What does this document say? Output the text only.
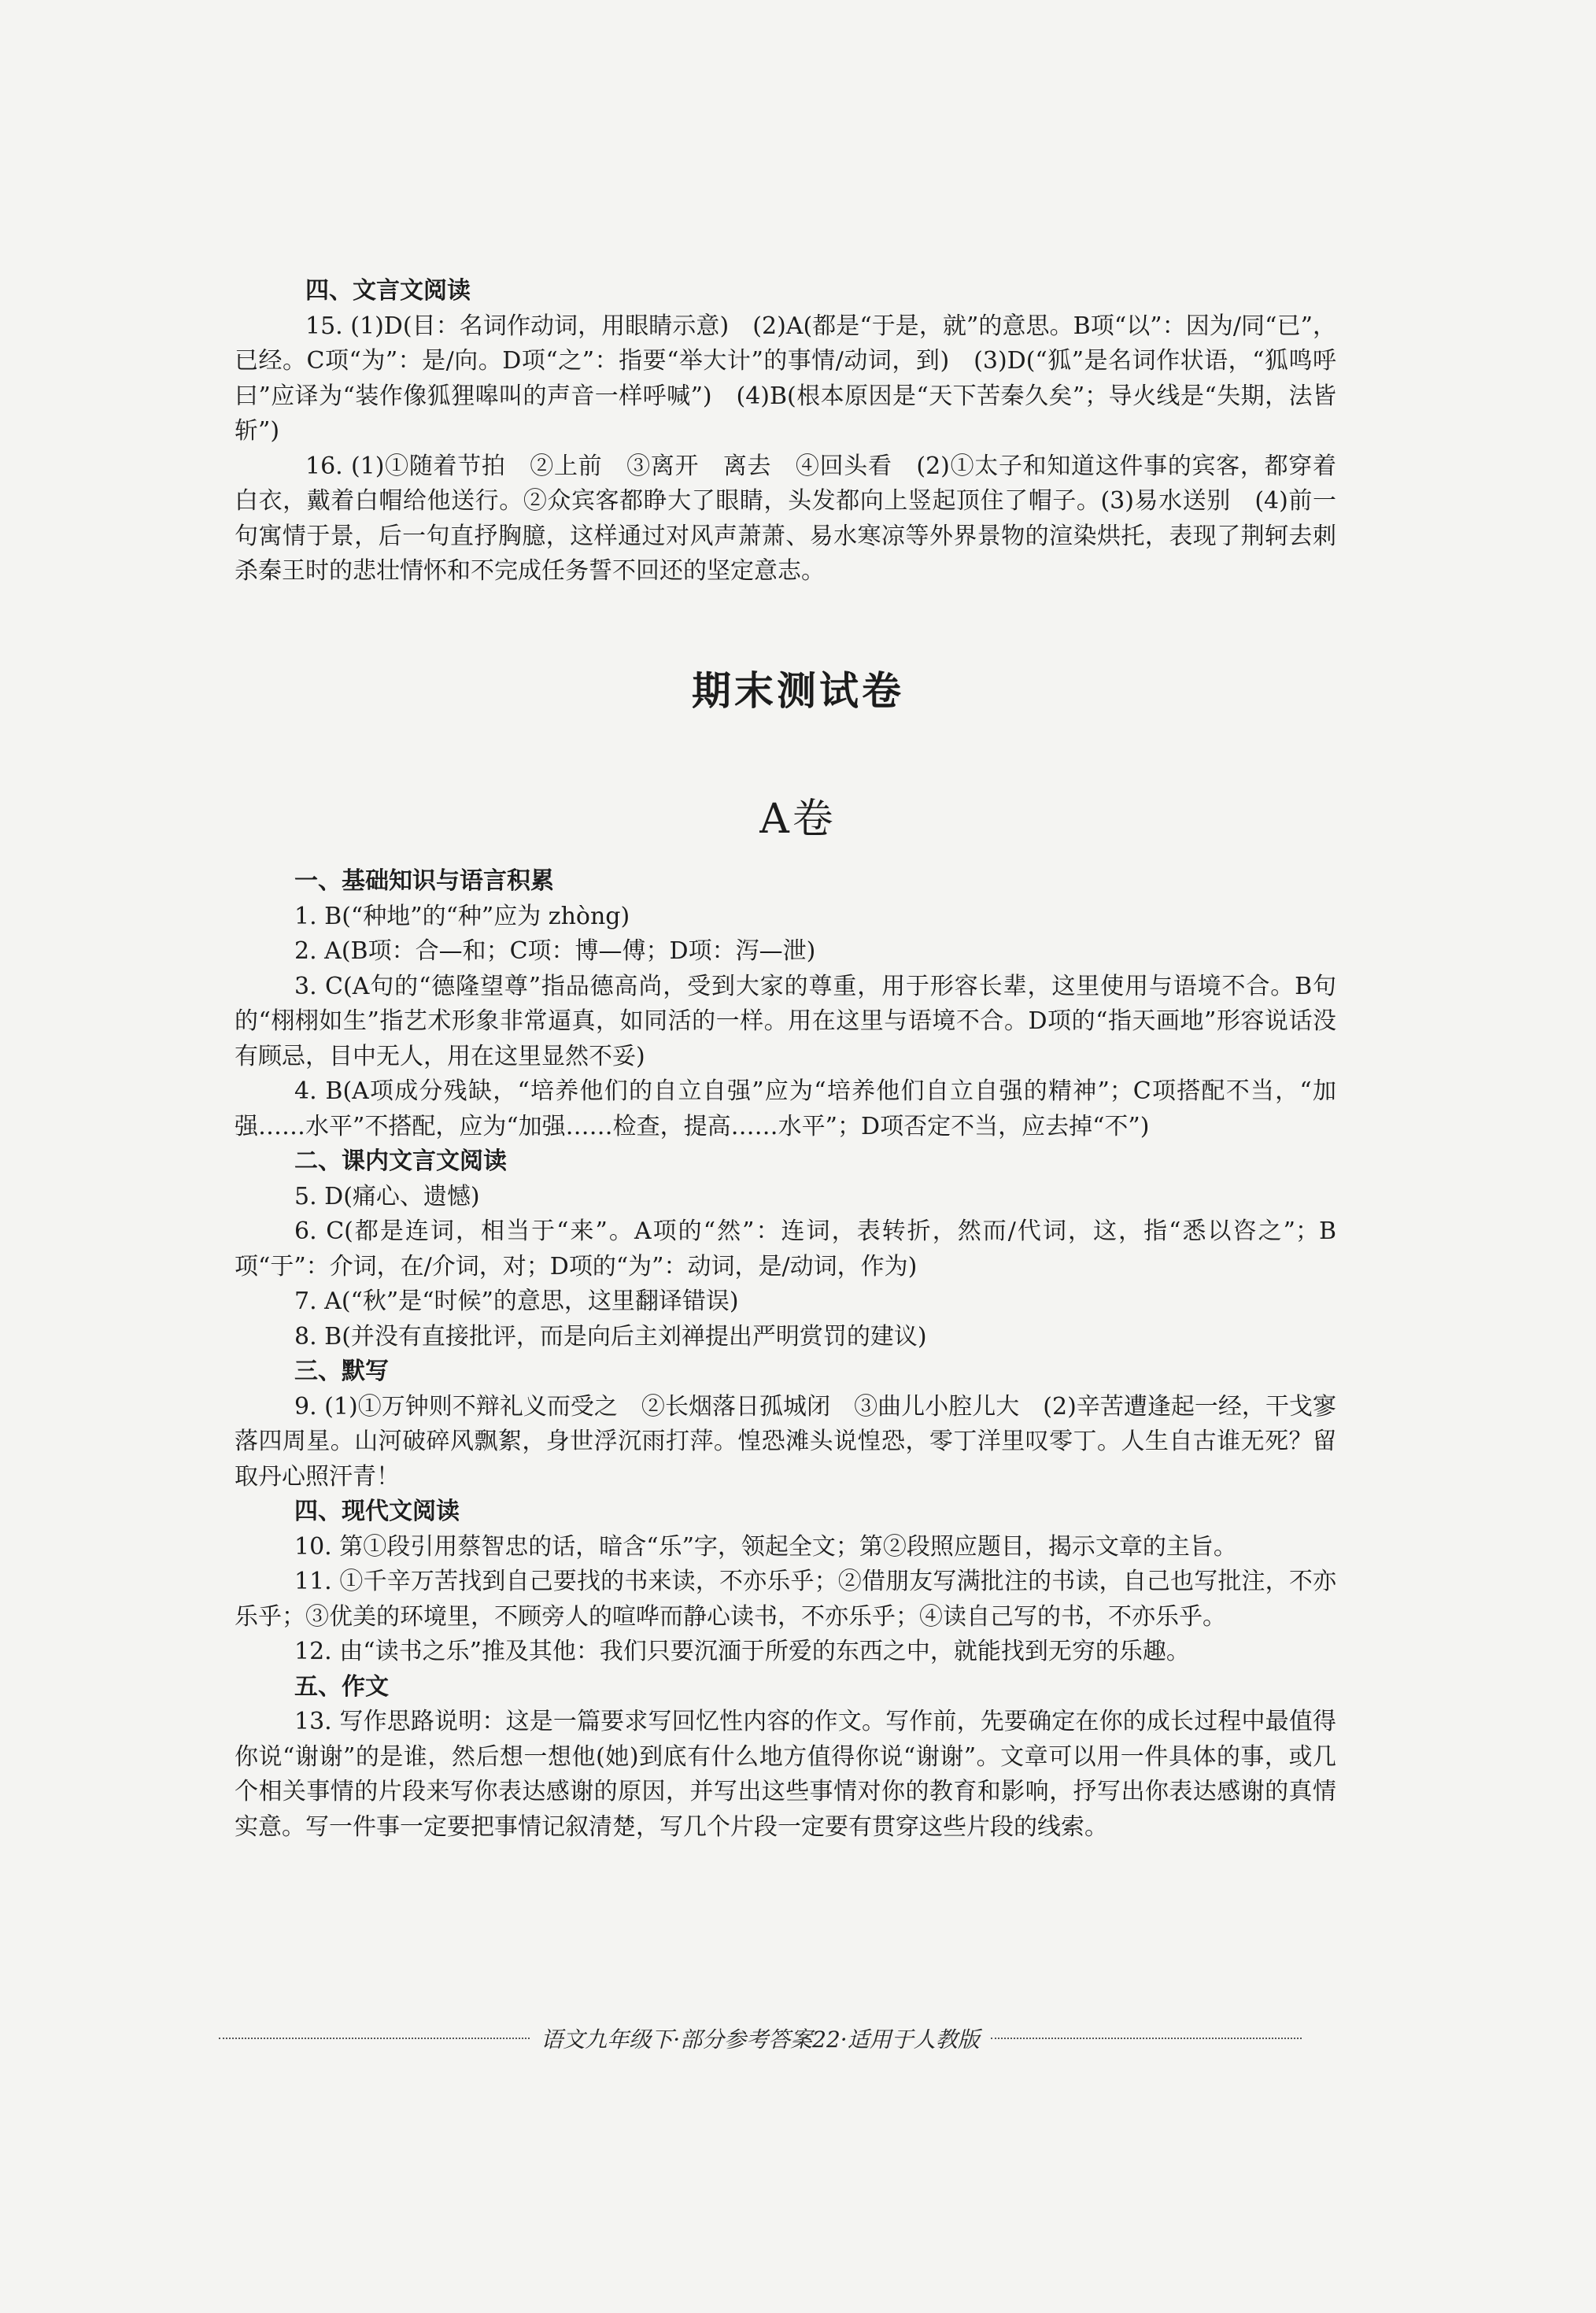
四、文言文阅读

15. (1)D(目：名词作动词，用眼睛示意)　(2)A(都是“于是，就”的意思。B项“以”：因为/同“已”，已经。C项“为”：是/向。D项“之”：指要“举大计”的事情/动词，到)　(3)D(“狐”是名词作状语，“狐鸣呼曰”应译为“装作像狐狸嗥叫的声音一样呼喊”)　(4)B(根本原因是“天下苦秦久矣”；导火线是“失期，法皆斩”)

16. (1)①随着节拍　②上前　③离开　离去　④回头看　(2)①太子和知道这件事的宾客，都穿着白衣，戴着白帽给他送行。②众宾客都睁大了眼睛，头发都向上竖起顶住了帽子。(3)易水送别　(4)前一句寓情于景，后一句直抒胸臆，这样通过对风声萧萧、易水寒凉等外界景物的渲染烘托，表现了荆轲去刺杀秦王时的悲壮情怀和不完成任务誓不回还的坚定意志。

期末测试卷
A卷

一、基础知识与语言积累

1. B(“种地”的“种”应为 zhòng)

2. A(B项：合—和；C项：博—傅；D项：泻—泄)

3. C(A句的“德隆望尊”指品德高尚，受到大家的尊重，用于形容长辈，这里使用与语境不合。B句的“栩栩如生”指艺术形象非常逼真，如同活的一样。用在这里与语境不合。D项的“指天画地”形容说话没有顾忌，目中无人，用在这里显然不妥)

4. B(A项成分残缺，“培养他们的自立自强”应为“培养他们自立自强的精神”；C项搭配不当，“加强……水平”不搭配，应为“加强……检查，提高……水平”；D项否定不当，应去掉“不”)

二、课内文言文阅读

5. D(痛心、遗憾)

6. C(都是连词，相当于“来”。A项的“然”：连词，表转折，然而/代词，这，指“悉以咨之”；B项“于”：介词，在/介词，对；D项的“为”：动词，是/动词，作为)

7. A(“秋”是“时候”的意思，这里翻译错误)

8. B(并没有直接批评，而是向后主刘禅提出严明赏罚的建议)

三、默写

9. (1)①万钟则不辩礼义而受之　②长烟落日孤城闭　③曲儿小腔儿大　(2)辛苦遭逢起一经，干戈寥落四周星。山河破碎风飘絮，身世浮沉雨打萍。惶恐滩头说惶恐，零丁洋里叹零丁。人生自古谁无死？留取丹心照汗青！

四、现代文阅读

10. 第①段引用蔡智忠的话，暗含“乐”字，领起全文；第②段照应题目，揭示文章的主旨。

11. ①千辛万苦找到自己要找的书来读，不亦乐乎；②借朋友写满批注的书读，自己也写批注，不亦乐乎；③优美的环境里，不顾旁人的喧哗而静心读书，不亦乐乎；④读自己写的书，不亦乐乎。

12. 由“读书之乐”推及其他：我们只要沉湎于所爱的东西之中，就能找到无穷的乐趣。

五、作文

13. 写作思路说明：这是一篇要求写回忆性内容的作文。写作前，先要确定在你的成长过程中最值得你说“谢谢”的是谁，然后想一想他(她)到底有什么地方值得你说“谢谢”。文章可以用一件具体的事，或几个相关事情的片段来写你表达感谢的原因，并写出这些事情对你的教育和影响，抒写出你表达感谢的真情实意。写一件事一定要把事情记叙清楚，写几个片段一定要有贯穿这些片段的线索。

语文九年级下·部分参考答案22·适用于人教版
